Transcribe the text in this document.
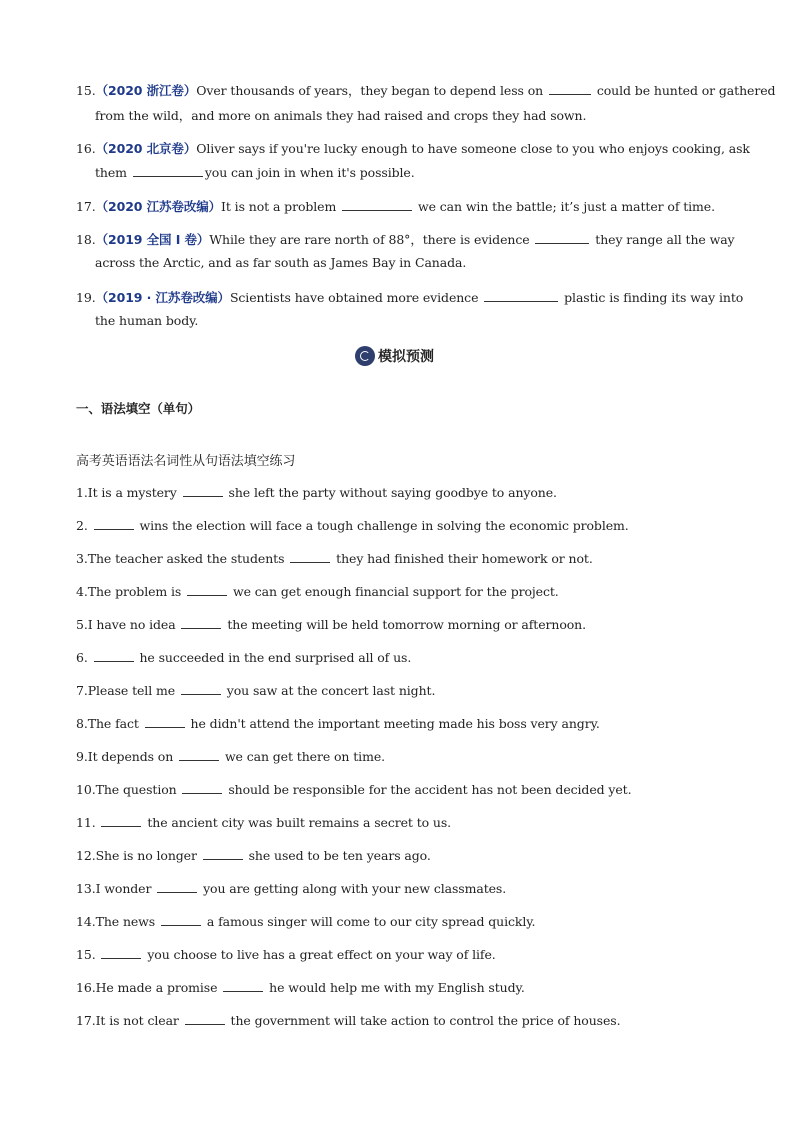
15.（2020 浙江卷）Over thousands of years，they began to depend less on	could be hunted or gathered
from the wild，and more on animals they had raised and crops they had sown.
16.（2020 北京卷）Oliver says if you're lucky enough to have someone close to you who enjoys cooking, ask
them	you can join in when it's possible.
17.（2020 江苏卷改编）It is not a problem	we can win the battle; it’s just a matter of time.
18.（2019 全国 I 卷）While they are rare north of 88°，there is evidence	they range all the way
across the Arctic, and as far south as James Bay in Canada.
19.（2019 · 江苏卷改编）Scientists have obtained more evidence	plastic is finding its way into
the human body.
模拟预测
一、语法填空（单句）
高考英语语法名词性从句语法填空练习
1.It is a mystery	she left the party without saying goodbye to anyone.
2.	wins the election will face a tough challenge in solving the economic problem.
3.The teacher asked the students	they had finished their homework or not.
4.The problem is	we can get enough financial support for the project.
5.I have no idea	the meeting will be held tomorrow morning or afternoon.
6.	he succeeded in the end surprised all of us.
7.Please tell me	you saw at the concert last night.
8.The fact	he didn't attend the important meeting made his boss very angry.
9.It depends on	we can get there on time.
10.The question	should be responsible for the accident has not been decided yet.
11.	the ancient city was built remains a secret to us.
12.She is no longer	she used to be ten years ago.
13.I wonder	you are getting along with your new classmates.
14.The news	a famous singer will come to our city spread quickly.
15.	you choose to live has a great effect on your way of life.
16.He made a promise	he would help me with my English study.
17.It is not clear	the government will take action to control the price of houses.
